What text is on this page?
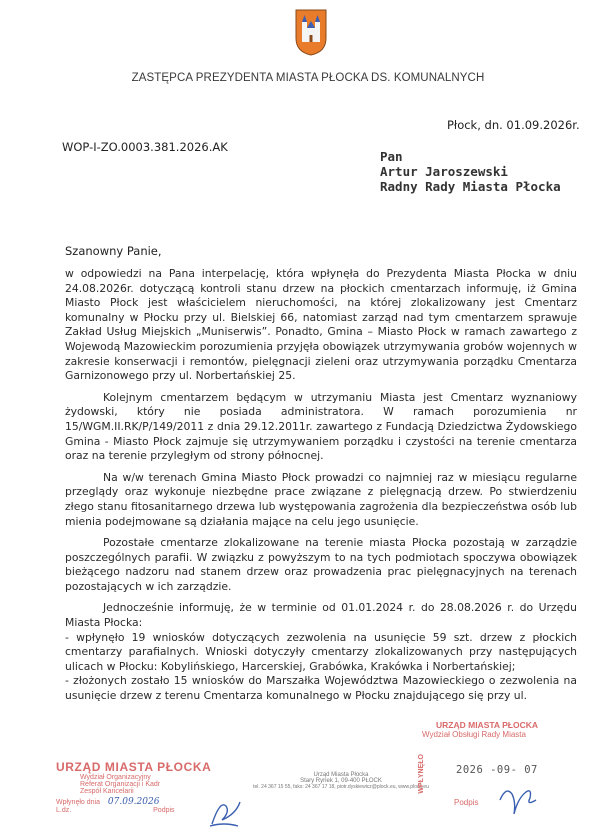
ZASTĘPCA PREZYDENTA MIASTA PŁOCKA DS. KOMUNALNYCH
Płock, dn. 01.09.2026r.
WOP-I-ZO.0003.381.2026.AK
Pan
Artur Jaroszewski
Radny Rady Miasta Płocka
Szanowny Panie,

w odpowiedzi na Pana interpelację, która wpłynęła do Prezydenta Miasta Płocka w dniu 24.08.2026r. dotyczącą kontroli stanu drzew na płockich cmentarzach informuję, iż Gmina Miasto Płock jest właścicielem nieruchomości, na której zlokalizowany jest Cmentarz komunalny w Płocku przy ul. Bielskiej 66, natomiast zarząd nad tym cmentarzem sprawuje Zakład Usług Miejskich „Muniserwis”. Ponadto, Gmina – Miasto Płock w ramach zawartego z Wojewodą Mazowieckim porozumienia przyjęła obowiązek utrzymywania grobów wojennych w zakresie konserwacji i remontów, pielęgnacji zieleni oraz utrzymywania porządku Cmentarza Garnizonowego przy ul. Norbertańskiej 25.

Kolejnym cmentarzem będącym w utrzymaniu Miasta jest Cmentarz wyznaniowy żydowski, który nie posiada administratora. W ramach porozumienia nr 15/WGM.II.RK/P/149/2011 z dnia 29.12.2011r. zawartego z Fundacją Dziedzictwa Żydowskiego Gmina - Miasto Płock zajmuje się utrzymywaniem porządku i czystości na terenie cmentarza oraz na terenie przyległym od strony północnej.

Na w/w terenach Gmina Miasto Płock prowadzi co najmniej raz w miesiącu regularne przeglądy oraz wykonuje niezbędne prace związane z pielęgnacją drzew. Po stwierdzeniu złego stanu fitosanitarnego drzewa lub występowania zagrożenia dla bezpieczeństwa osób lub mienia podejmowane są działania mające na celu jego usunięcie.

Pozostałe cmentarze zlokalizowane na terenie miasta Płocka pozostają w zarządzie poszczególnych parafii. W związku z powyższym to na tych podmiotach spoczywa obowiązek bieżącego nadzoru nad stanem drzew oraz prowadzenia prac pielęgnacyjnych na terenach pozostających w ich zarządzie.

Jednocześnie informuję, że w terminie od 01.01.2024 r. do 28.08.2026 r. do Urzędu Miasta Płocka:

- wpłynęło 19 wniosków dotyczących zezwolenia na usunięcie 59 szt. drzew z płockich cmentarzy parafialnych. Wnioski dotyczyły cmentarzy zlokalizowanych przy następujących ulicach w Płocku: Kobylińskiego, Harcerskiej, Grabówka, Krakówka i Norbertańskiej;

- złożonych zostało 15 wniosków do Marszałka Województwa Mazowieckiego o zezwolenia na usunięcie drzew z terenu Cmentarza komunalnego w Płocku znajdującego się przy ul.

URZĄD MIASTA PŁOCKA
Wydział Organizacyjny
Referat Organizacji i Kadr
Zespół Kancelarii
Wpłynęło dnia 07.09.2026
L.dz.	Podpis
Urząd Miasta Płocka
Stary Rynek 1, 09-400 PŁOCK
tel. 24 367 15 55, faks: 24 367 17 18, piotr.dyskiewicz@plock.eu, www.plock.eu
URZĄD MIASTA PŁOCKA
Wydział Obsługi Rady Miasta
WPŁYNĘŁO	2026 -09- 07
Podpis
